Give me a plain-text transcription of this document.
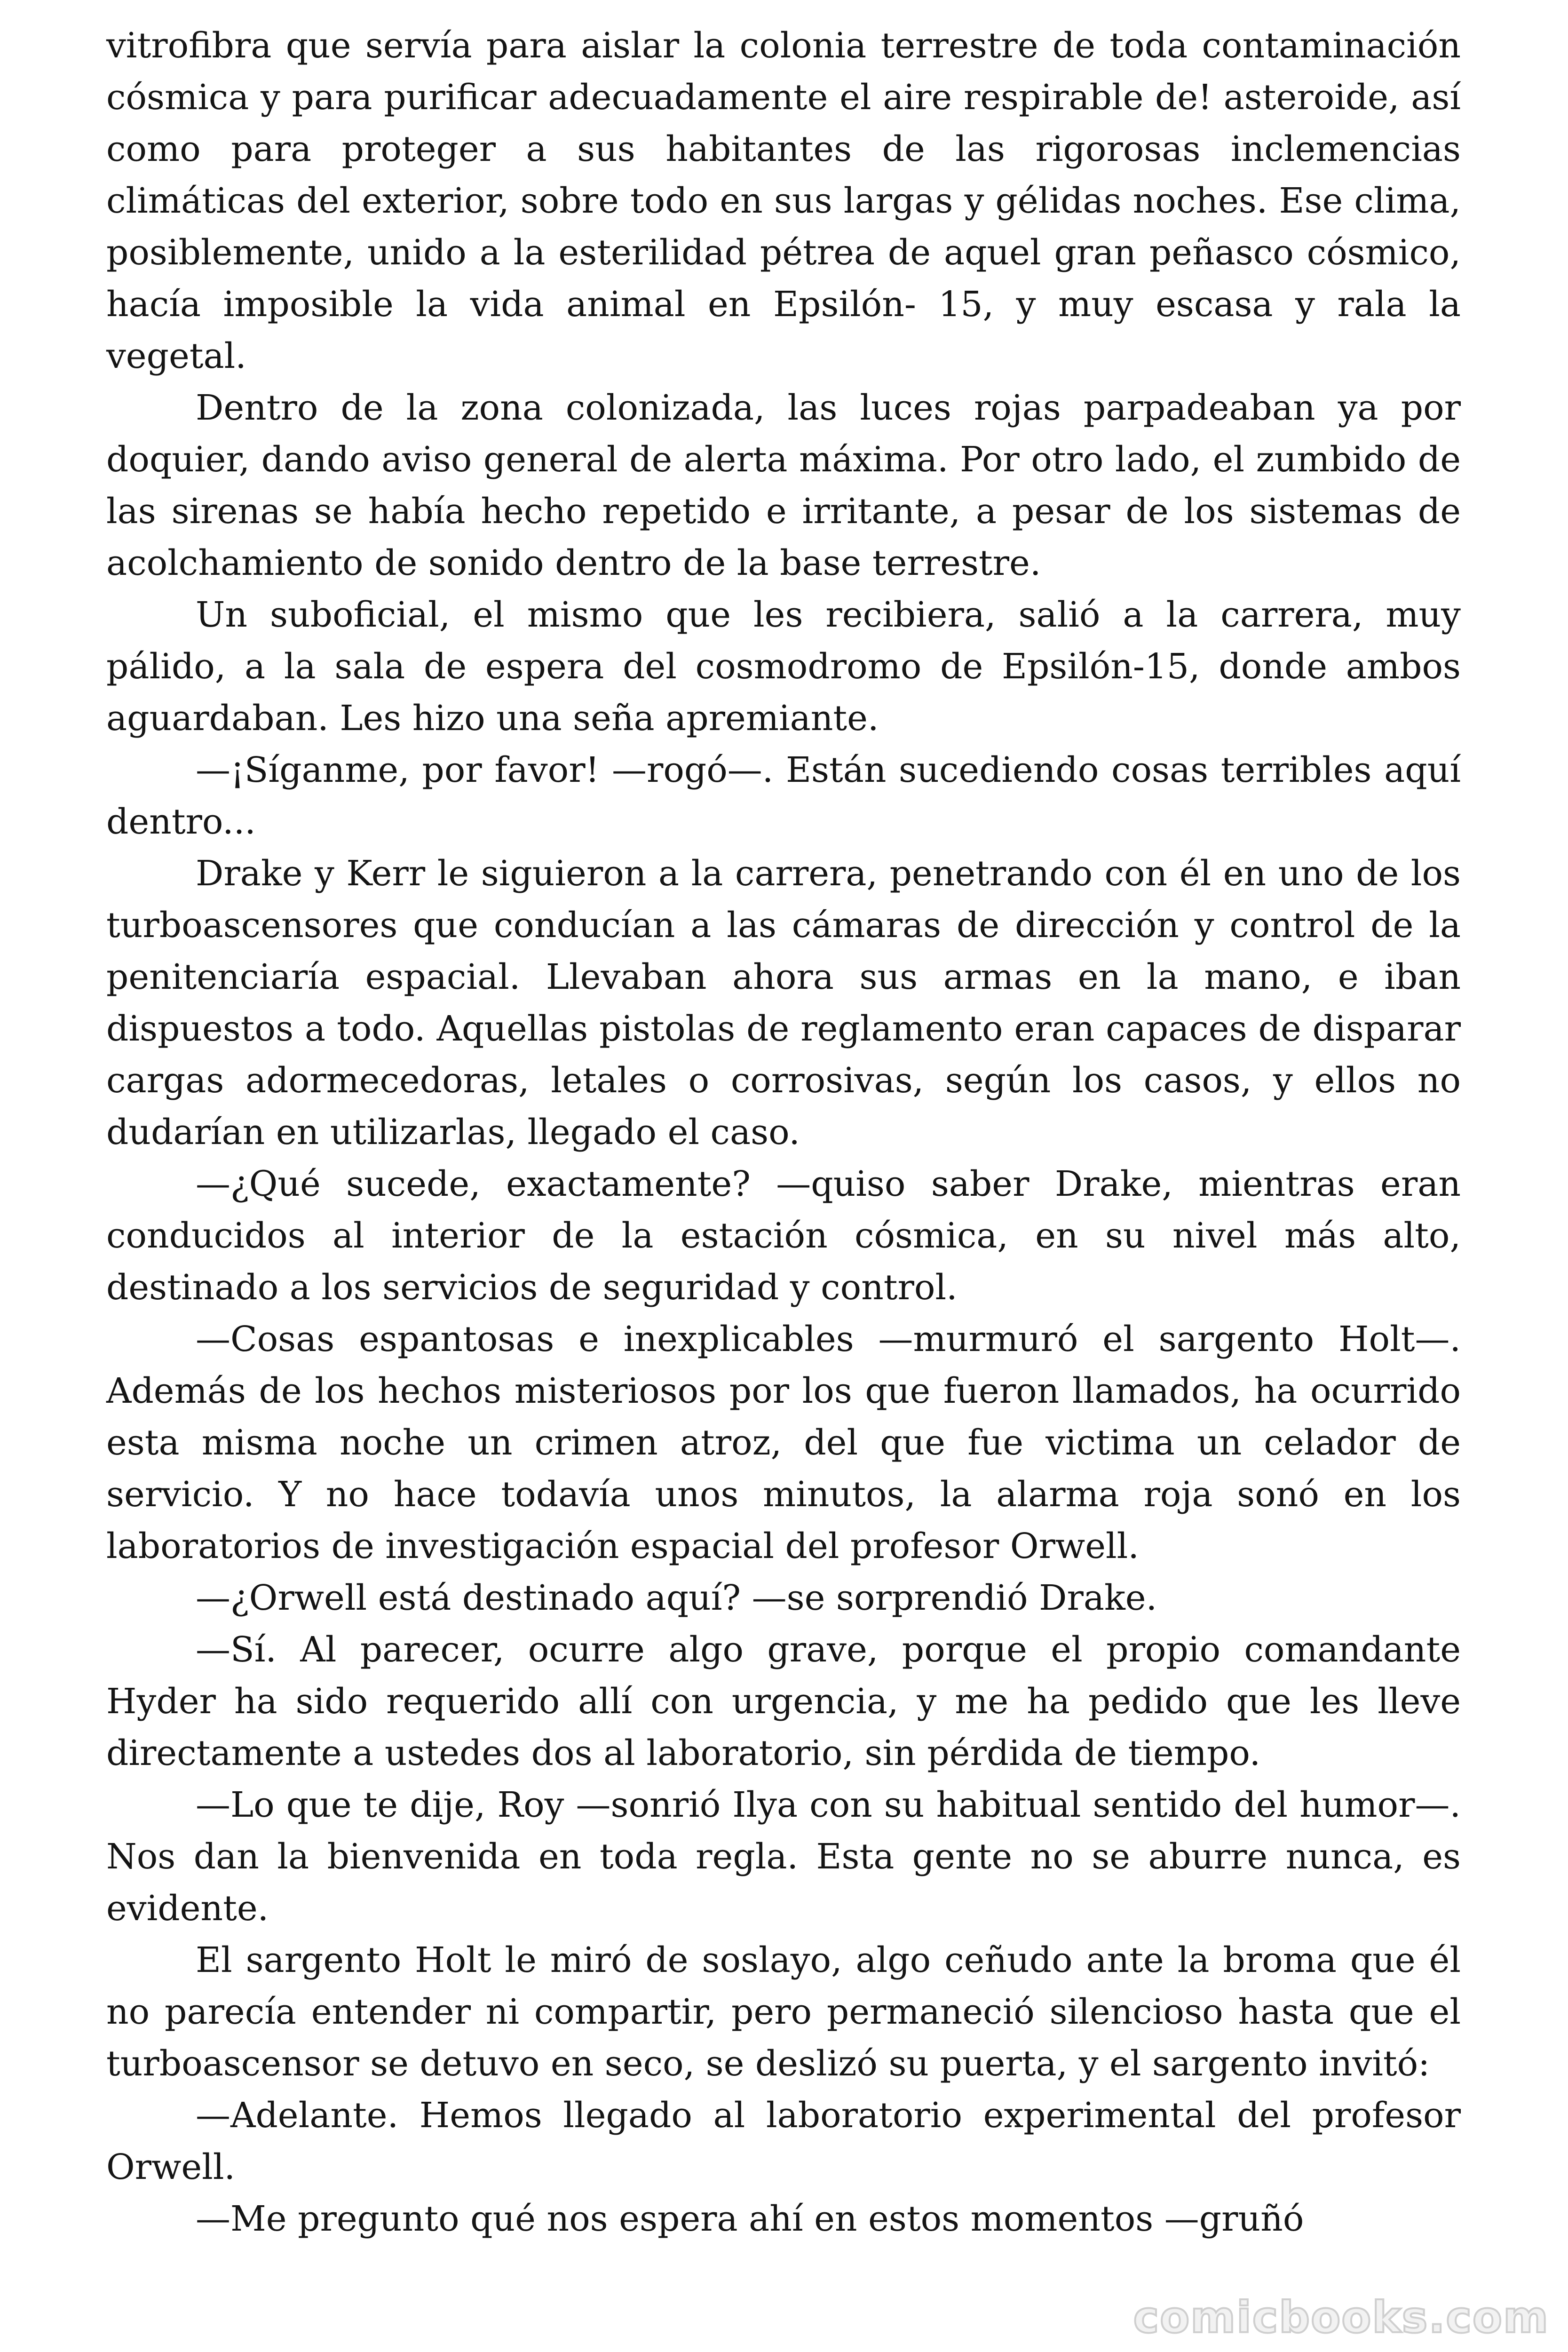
vitrofibra que servía para aislar la colonia terrestre de toda contaminación cósmica y para purificar adecuadamente el aire respirable de! asteroide, así como para proteger a sus habitantes de las rigorosas inclemencias climáticas del exterior, sobre todo en sus largas y gélidas noches. Ese clima, posiblemente, unido a la esterilidad pétrea de aquel gran peñasco cósmico, hacía imposible la vida animal en Epsilón- 15, y muy escasa y rala la vegetal.

Dentro de la zona colonizada, las luces rojas parpadeaban ya por doquier, dando aviso general de alerta máxima. Por otro lado, el zumbido de las sirenas se había hecho repetido e irritante, a pesar de los sistemas de acolchamiento de sonido dentro de la base terrestre.

Un suboficial, el mismo que les recibiera, salió a la carrera, muy pálido, a la sala de espera del cosmodromo de Epsilón-15, donde ambos aguardaban. Les hizo una seña apremiante.

—¡Síganme, por favor! —rogó—. Están sucediendo cosas terribles aquí dentro...

Drake y Kerr le siguieron a la carrera, penetrando con él en uno de los turboascensores que conducían a las cámaras de dirección y control de la penitenciaría espacial. Llevaban ahora sus armas en la mano, e iban dispuestos a todo. Aquellas pistolas de reglamento eran capaces de disparar cargas adormecedoras, letales o corrosivas, según los casos, y ellos no dudarían en utilizarlas, llegado el caso.

—¿Qué sucede, exactamente? —quiso saber Drake, mientras eran conducidos al interior de la estación cósmica, en su nivel más alto, destinado a los servicios de seguridad y control.

—Cosas espantosas e inexplicables —murmuró el sargento Holt—. Además de los hechos misteriosos por los que fueron llamados, ha ocurrido esta misma noche un crimen atroz, del que fue victima un celador de servicio. Y no hace todavía unos minutos, la alarma roja sonó en los laboratorios de investigación espacial del profesor Orwell.

—¿Orwell está destinado aquí? —se sorprendió Drake.

—Sí. Al parecer, ocurre algo grave, porque el propio comandante Hyder ha sido requerido allí con urgencia, y me ha pedido que les lleve directamente a ustedes dos al laboratorio, sin pérdida de tiempo.

—Lo que te dije, Roy —sonrió Ilya con su habitual sentido del humor—. Nos dan la bienvenida en toda regla. Esta gente no se aburre nunca, es evidente.

El sargento Holt le miró de soslayo, algo ceñudo ante la broma que él no parecía entender ni compartir, pero permaneció silencioso hasta que el turboascensor se detuvo en seco, se deslizó su puerta, y el sargento invitó:

—Adelante. Hemos llegado al laboratorio experimental del profesor Orwell.

—Me pregunto qué nos espera ahí en estos momentos —gruñó

comicbooks.com
